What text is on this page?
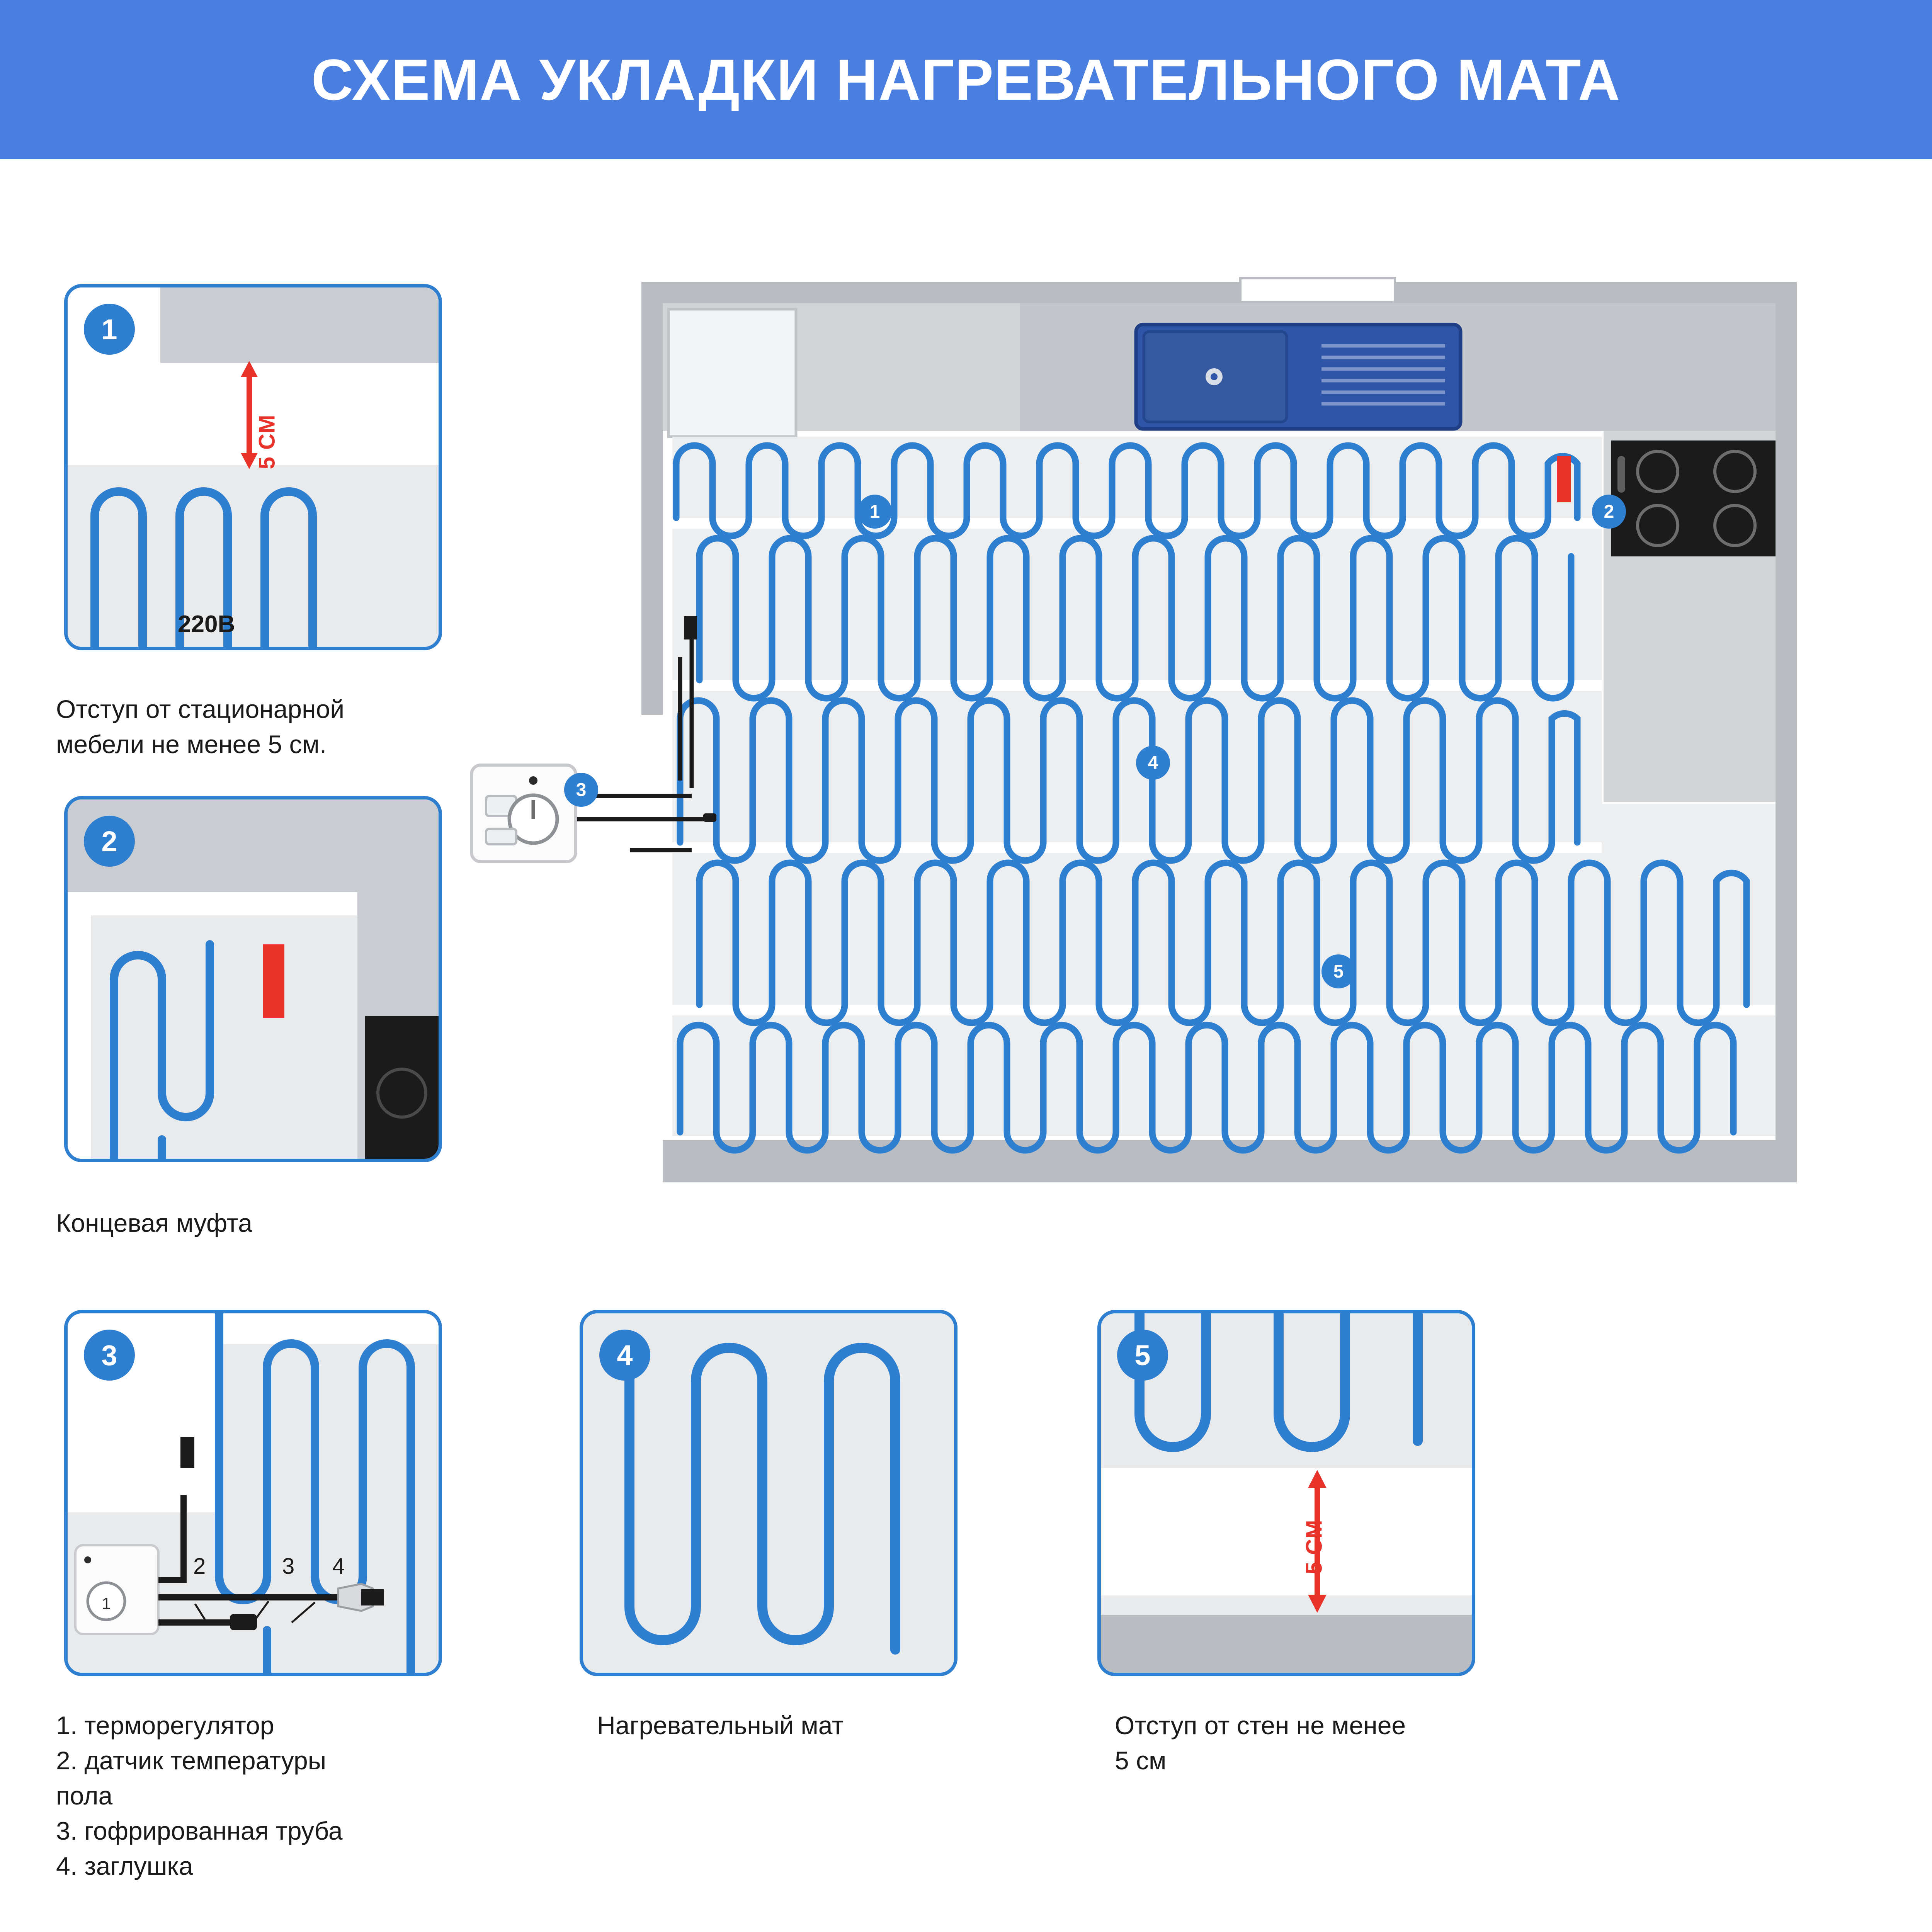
СХЕМА УКЛАДКИ НАГРЕВАТЕЛЬНОГО МАТА
1
5 СМ
Отступ от стационарной
мебели не менее 5 см.
2
Концевая муфта
1
3
2	3 4
1. терморегулятор
2. датчик температуры
пола
3. гофрированная труба
4. заглушка
4
Нагревательный мат
5
5 СМ
Отступ от стен не менее
5 см
220В
1	2
3
4
5
